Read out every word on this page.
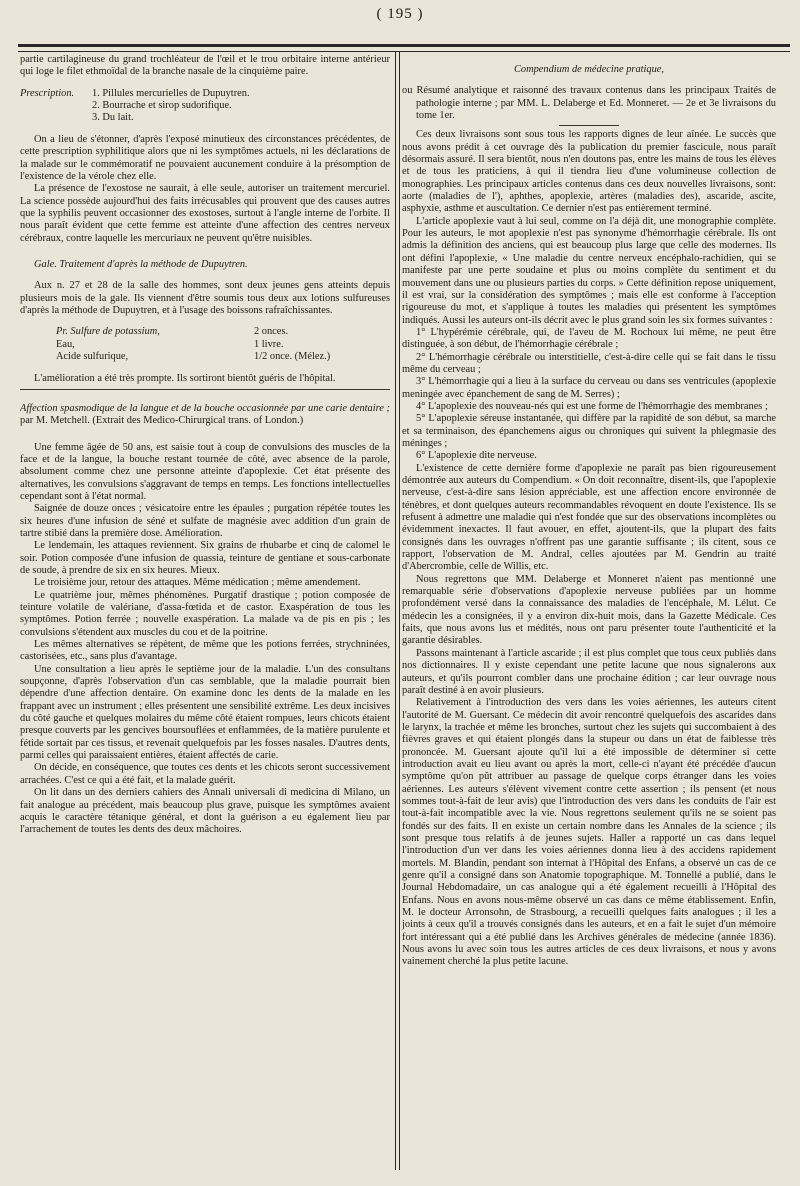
( 195 )

partie cartilagineuse du grand trochléateur de l'œil et le trou orbitaire interne antérieur qui loge le filet ethmoïdal de la branche nasale de la cinquième paire.

Prescription. 1. Pillules mercurielles de Dupuytren.
2. Bourrache et sirop sudorifique.
3. Du lait.

On a lieu de s'étonner, d'après l'exposé minutieux des circonstances précédentes, de cette prescription syphilitique alors que ni les symptômes actuels, ni les déclarations de la malade sur le commémoratif ne pouvaient aucunement conduire à la présomption de l'existence de la vérole chez elle.

La présence de l'exostose ne saurait, à elle seule, autoriser un traitement mercuriel. La science possède aujourd'hui des faits irrécusables qui prouvent que des causes autres que la syphilis peuvent occasionner des exostoses, surtout à l'angle interne de l'orbite. Il nous paraît évident que cette femme est atteinte d'une affection des centres nerveux cérébraux, contre laquelle les mercuriaux ne peuvent qu'être nuisibles.

Gale. Traitement d'après la méthode de Dupuytren.

Aux n. 27 et 28 de la salle des hommes, sont deux jeunes gens atteints depuis plusieurs mois de la gale. Ils viennent d'être soumis tous deux aux lotions sulfureuses d'après la méthode de Dupuytren, et à l'usage des boissons rafraîchissantes.

Pr. Sulfure de potassium,	2 onces.
Eau,	1 livre.
Acide sulfurique,	1/2 once. (Mélez.)

L'amélioration a été très prompte. Ils sortiront bientôt guéris de l'hôpital.

Affection spasmodique de la langue et de la bouche occasionnée par une carie dentaire ; par M. Metchell. (Extrait des Medico-Chirurgical trans. of London.)

Une femme âgée de 50 ans, est saisie tout à coup de convulsions des muscles de la face et de la langue, la bouche restant tournée de côté, avec absence de la parole, absolument comme chez une personne atteinte d'apoplexie. Cet état présente des alternatives, les convulsions s'aggravant de temps en temps. Les fonctions intellectuelles cependant sont à l'état normal.

Saignée de douze onces ; vésicatoire entre les épaules ; purgation répétée toutes les six heures d'une infusion de séné et sulfate de magnésie avec addition d'un grain de tartre stibié dans la première dose. Amélioration.

Le lendemain, les attaques reviennent. Six grains de rhubarbe et cinq de calomel le soir. Potion composée d'une infusion de quassia, teinture de gentiane et sous-carbonate de soude, à prendre de six en six heures. Mieux.

Le troisième jour, retour des attaques. Même médication ; même amendement.

Le quatrième jour, mêmes phénomènes. Purgatif drastique ; potion composée de teinture volatile de valériane, d'assa-fœtida et de castor. Exaspération de tous les symptômes. Potion ferrée ; nouvelle exaspération. La malade va de pis en pis ; les convulsions s'étendent aux muscles du cou et de la poitrine.

Les mêmes alternatives se répètent, de même que les potions ferrées, strychninées, castorisées, etc., sans plus d'avantage.

Une consultation a lieu après le septième jour de la maladie. L'un des consultans soupçonne, d'après l'observation d'un cas semblable, que la maladie pourrait bien dépendre d'une affection dentaire. On examine donc les dents de la malade en les frappant avec un instrument ; elles présentent une sensibilité extrême. Les deux incisives du côté gauche et quelques molaires du même côté étaient rompues, leurs chicots étaient presque couverts par les gencives boursouflées et enflammées, de la matière purulente et fétide sortait par ces tissus, et revenait quelquefois par les fosses nasales. D'autres dents, parmi celles qui paraissaient entières, étaient affectés de carie.

On décide, en conséquence, que toutes ces dents et les chicots seront successivement arrachées. C'est ce qui a été fait, et la malade guérit.

On lit dans un des derniers cahiers des Annali universali di medicina di Milano, un fait analogue au précédent, mais beaucoup plus grave, puisque les symptômes avaient acquis le caractère tétanique général, et dont la guérison a eu également lieu par l'arrachement de toutes les dents des deux mâchoires.

Compendium de médecine pratique,

ou Résumé analytique et raisonné des travaux contenus dans les principaux Traités de pathologie interne ; par MM. L. Delaberge et Ed. Monneret. — 2e et 3e livraisons du tome 1er.

Ces deux livraisons sont sous tous les rapports dignes de leur aînée. Le succès que nous avons prédit à cet ouvrage dès la publication du premier fascicule, nous paraît désormais assuré. Il sera bientôt, nous n'en doutons pas, entre les mains de tous les élèves et de tous les praticiens, à qui il tiendra lieu d'une volumineuse collection de monographies. Les principaux articles contenus dans ces deux nouvelles livraisons, sont: aorte (maladies de l'), aphthes, apoplexie, artères (maladies des), ascaride, ascite, asphyxie, asthme et auscultation. Ce dernier n'est pas entièrement terminé.

L'article apoplexie vaut à lui seul, comme on l'a déjà dit, une monographie complète. Pour les auteurs, le mot apoplexie n'est pas synonyme d'hémorrhagie cérébrale. Ils ont admis la définition des anciens, qui est beaucoup plus large que celle des modernes. Ils ont défini l'apoplexie, « Une maladie du centre nerveux encéphalo-rachidien, qui se manifeste par une perte soudaine et plus ou moins complète du sentiment et du mouvement dans une ou plusieurs parties du corps. » Cette définition repose uniquement, il est vrai, sur la considération des symptômes ; mais elle est conforme à l'acception rigoureuse du mot, et s'applique à toutes les maladies qui présentent les symptômes indiqués. Aussi les auteurs ont-ils décrit avec le plus grand soin les six formes suivantes :

1° L'hypérémie cérébrale, qui, de l'aveu de M. Rochoux lui même, ne peut être distinguée, à son début, de l'hémorrhagie cérébrale ;

2° L'hémorrhagie cérébrale ou interstitielle, c'est-à-dire celle qui se fait dans le tissu même du cerveau ;

3° L'hémorrhagie qui a lieu à la surface du cerveau ou dans ses ventricules (apoplexie meningée avec épanchement de sang de M. Serres) ;

4° L'apoplexie des nouveau-nés qui est une forme de l'hémorrhagie des membranes ;

5° L'apoplexie séreuse instantanée, qui diffère par la rapidité de son début, sa marche et sa terminaison, des épanchemens aigus ou chroniques qui suivent la phlegmasie des méninges ;

6° L'apoplexie dite nerveuse.

L'existence de cette dernière forme d'apoplexie ne paraît pas bien rigoureusement démontrée aux auteurs du Compendium. « On doit reconnaître, disent-ils, que l'apoplexie nerveuse, c'est-à-dire sans lésion appréciable, est une affection encore environnée de ténèbres, et dont quelques auteurs recommandables révoquent en doute l'existence. Ils se refusent à admettre une maladie qui n'est fondée que sur des observations incomplètes ou évidemment inexactes. Il faut avouer, en effet, ajoutent-ils, que la plupart des faits consignés dans les ouvrages n'offrent pas une garantie suffisante ; ils citent, sous ce rapport, l'observation de M. Andral, celles ajoutées par M. Gendrin au traité d'Abercrombie, celle de Willis, etc.

Nous regrettons que MM. Delaberge et Monneret n'aient pas mentionné une remarquable série d'observations d'apoplexie nerveuse publiées par un homme profondément versé dans la connaissance des maladies de l'encéphale, M. Lélut. Ce médecin les a consignées, il y a environ dix-huit mois, dans la Gazette Médicale. Ces faits, que nous avons lus et médités, nous ont paru présenter toute l'authenticité et la garantie désirables.

Passons maintenant à l'article ascaride ; il est plus complet que tous ceux publiés dans nos dictionnaires. Il y existe cependant une petite lacune que nous signalerons aux auteurs, et qu'ils pourront combler dans une prochaine édition ; car leur ouvrage nous paraît destiné à en avoir plusieurs.

Relativement à l'introduction des vers dans les voies aériennes, les auteurs citent l'autorité de M. Guersant. Ce médecin dit avoir rencontré quelquefois des ascarides dans le larynx, la trachée et même les bronches, surtout chez les sujets qui succombaient à des fièvres graves et qui étaient plongés dans la stupeur ou dans un état de faiblesse très prononcée. M. Guersant ajoute qu'il lui a été impossible de déterminer si cette introduction avait eu lieu avant ou après la mort, celle-ci n'ayant été précédée d'aucun symptôme qu'on pût attribuer au passage de quelque corps étranger dans les voies aériennes. Les auteurs s'élèvent vivement contre cette assertion ; ils pensent (et nous sommes tout-à-fait de leur avis) que l'introduction des vers dans les conduits de l'air est tout-à-fait incompatible avec la vie. Nous regrettons seulement qu'ils ne se soient pas fondés sur des faits. Il en existe un certain nombre dans les Annales de la science ; ils sont presque tous relatifs à de jeunes sujets. Haller a rapporté un cas dans lequel l'introduction d'un ver dans les voies aériennes donna lieu à des accidens rapidement mortels. M. Blandin, pendant son internat à l'Hôpital des Enfans, a observé un cas de ce genre qu'il a consigné dans son Anatomie topographique. M. Tonnellé a publié, dans le Journal Hebdomadaire, un cas analogue qui a été également recueilli à l'Hôpital des Enfans. Nous en avons nous-même observé un cas dans ce même établissement. Enfin, M. le docteur Arronsohn, de Strasbourg, a recueilli quelques faits analogues ; il les a joints à ceux qu'il a trouvés consignés dans les auteurs, et en a fait le sujet d'un mémoire fort intéressant qui a été publié dans les Archives générales de médecine (année 1836). Nous avons lu avec soin tous les autres articles de ces deux livraisons, et nous y avons vainement cherché la plus petite lacune.
